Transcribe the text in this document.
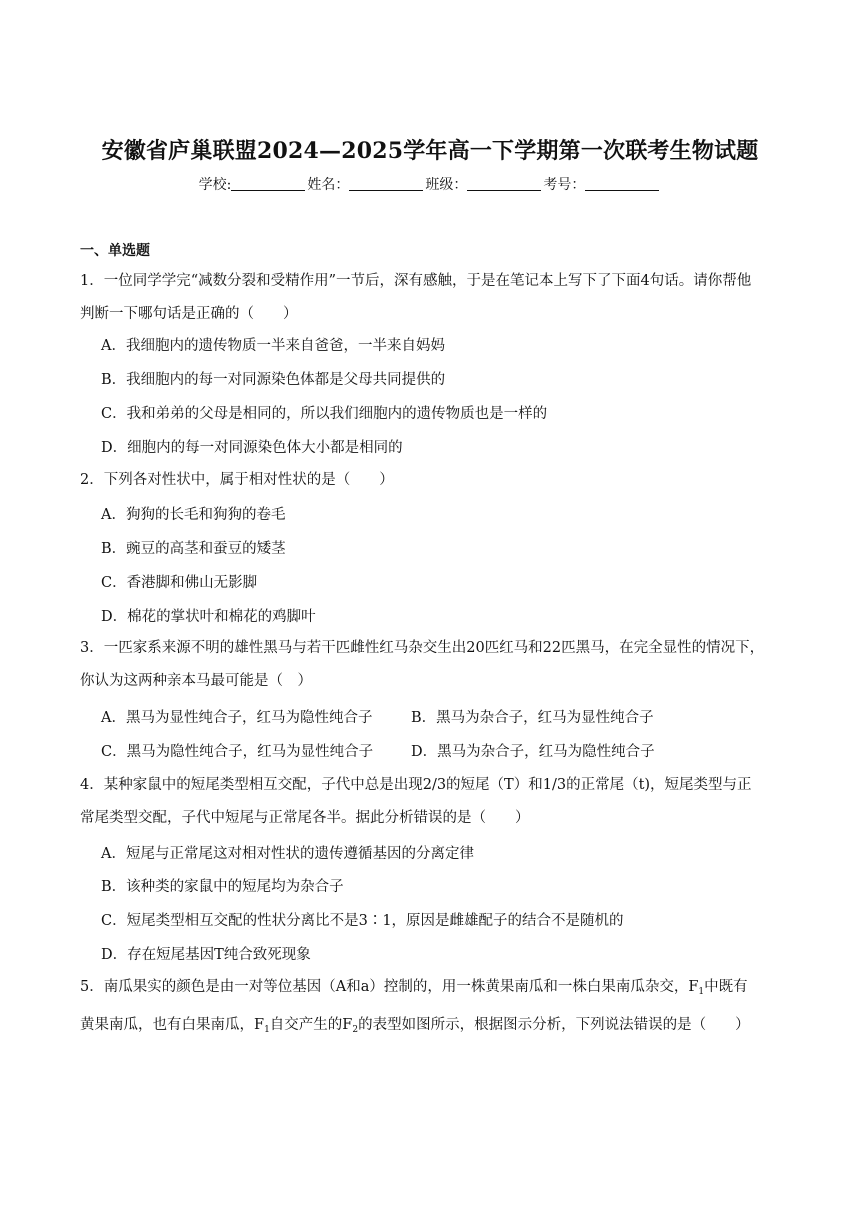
安徽省庐巢联盟2024—2025学年高一下学期第一次联考生物试题
学校:	姓名：	班级：	考号：
一、单选题
1．一位同学学完“减数分裂和受精作用”一节后，深有感触，于是在笔记本上写下了下面4句话。请你帮他
判断一下哪句话是正确的（　　）
A．我细胞内的遗传物质一半来自爸爸，一半来自妈妈
B．我细胞内的每一对同源染色体都是父母共同提供的
C．我和弟弟的父母是相同的，所以我们细胞内的遗传物质也是一样的
D．细胞内的每一对同源染色体大小都是相同的
2．下列各对性状中，属于相对性状的是（　　）
A．狗狗的长毛和狗狗的卷毛
B．豌豆的高茎和蚕豆的矮茎
C．香港脚和佛山无影脚
D．棉花的掌状叶和棉花的鸡脚叶
3．一匹家系来源不明的雄性黑马与若干匹雌性红马杂交生出20匹红马和22匹黑马，在完全显性的情况下，
你认为这两种亲本马最可能是（　）
A．黑马为显性纯合子，红马为隐性纯合子	B．黑马为杂合子，红马为显性纯合子
C．黑马为隐性纯合子，红马为显性纯合子	D．黑马为杂合子，红马为隐性纯合子
4．某种家鼠中的短尾类型相互交配，子代中总是出现2/3的短尾（T）和1/3的正常尾（t)，短尾类型与正
常尾类型交配，子代中短尾与正常尾各半。据此分析错误的是（　　）
A．短尾与正常尾这对相对性状的遗传遵循基因的分离定律
B．该种类的家鼠中的短尾均为杂合子
C．短尾类型相互交配的性状分离比不是3∶1，原因是雌雄配子的结合不是随机的
D．存在短尾基因T纯合致死现象
5．南瓜果实的颜色是由一对等位基因（A和a）控制的，用一株黄果南瓜和一株白果南瓜杂交，$F_1$中既有
黄果南瓜，也有白果南瓜，$F_1$自交产生的$F_2$的表型如图所示，根据图示分析，下列说法错误的是（　　）
